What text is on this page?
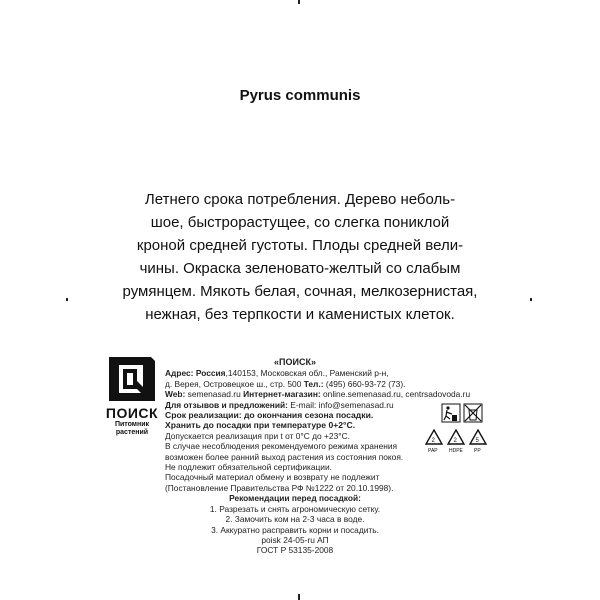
Pyrus communis
Летнего срока потребления. Дерево неболь-
шое, быстрорастущее, со слегка пониклой
кроной средней густоты. Плоды средней вели-
чины. Окраска зеленовато-желтый со слабым
румянцем. Мякоть белая, сочная, мелкозернистая,
нежная, без терпкости и каменистых клеток.
ПОИСК
Питомник
растений
«ПОИСК»
Адрес: Россия,140153, Московская обл., Раменский р-н,
д. Верея, Островецкое ш., стр. 500 Тел.: (495) 660-93-72 (73).
Web: semenasad.ru Интернет-магазин: online.semenasad.ru, centrsadovoda.ru
Для отзывов и предложений: E-mail: info@semenasad.ru
Срок реализации: до окончания сезона посадки.
Хранить до посадки при температуре 0+2°С.
Допускается реализация при t от 0°С до +23°С.
В случае несоблюдения рекомендуемого режима хранения
возможен более ранний выход растения из состояния покоя.
Не подлежит обязательной сертификации.
Посадочный материал обмену и возврату не подлежит
(Постановление Правительства РФ №1222 от 20.10.1998).
Рекомендации перед посадкой:
1. Разрезать и снять агрономическую сетку.
2. Замочить ком на 2-3 часа в воде.
3. Аккуратно расправить корни и посадить.
poisk 24-05-ru АП
ГОСТ Р 53135-2008
2	2	5
PAP HDPE PP
